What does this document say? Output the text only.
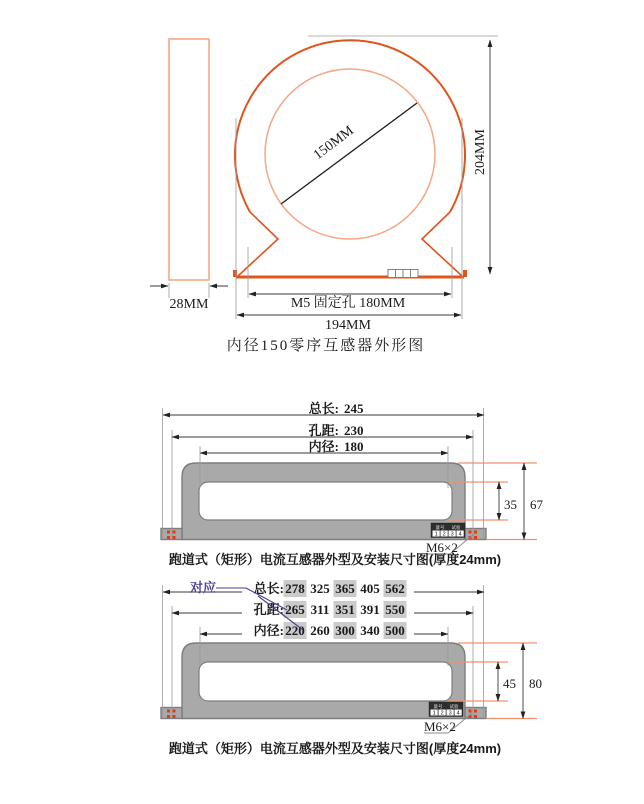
150MM	204MM
28MM	M5 固定孔 180MM
194MM
内径150零序互感器外形图
总长: 245
孔距: 230
内径: 180
35 67
量号 试验
1 2 3 4
M6×2
跑道式（矩形）电流互感器外型及安装尺寸图(厚度24mm)
总长: 278 325 365 405 562
孔距: 265 311 351 391 550
内径: 220 260 300 340 500
对应
45 80
量号 试验
1 2 3 4
M6×2
跑道式（矩形）电流互感器外型及安装尺寸图(厚度24mm)
